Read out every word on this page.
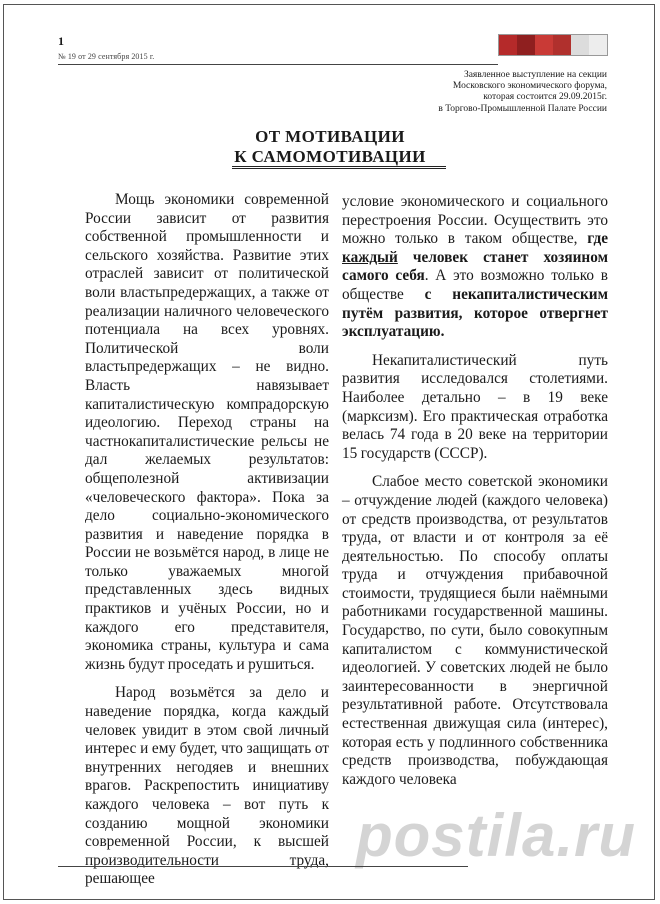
1
№ 19 от 29 сентября 2015 г.
Заявленное выступление на секции
Московского экономического форума,
которая состоится 29.09.2015г.
в Торгово-Промышленной Палате России
ОТ МОТИВАЦИИ
К САМОМОТИВАЦИИ

Мощь экономики современной России зависит от развития собственной промышленности и сельского хозяйства. Развитие этих отраслей зависит от политической воли властьпредержащих, а также от реализации наличного человеческого потенциала на всех уровнях. Политической воли властьпредержащих – не видно. Власть навязывает капиталистическую компрадорскую идеологию. Переход страны на частнокапиталистические рельсы не дал желаемых результатов: общеполезной активизации «человеческого фактора». Пока за дело социально-экономического развития и наведение порядка в России не возьмётся народ, в лице не только уважаемых многой представленных здесь видных практиков и учёных России, но и каждого его представителя, экономика страны, культура и сама жизнь будут проседать и рушиться.

Народ возьмётся за дело и наведение порядка, когда каждый человек увидит в этом свой личный интерес и ему будет, что защищать от внутренних негодяев и внешних врагов. Раскрепостить инициативу каждого человека – вот путь к созданию мощной экономики современной России, к высшей производительности труда, решающее

условие экономического и социального перестроения России. Осуществить это можно только в таком обществе, где каждый человек станет хозяином самого себя. А это возможно только в обществе с некапиталистическим путём развития, которое отвергнет эксплуатацию.

Некапиталистический путь развития исследовался столетиями. Наиболее детально – в 19 веке (марксизм). Его практическая отработка велась 74 года в 20 веке на территории 15 государств (СССР).

Слабое место советской экономики – отчуждение людей (каждого человека) от средств производства, от результатов труда, от власти и от контроля за её деятельностью. По способу оплаты труда и отчуждения прибавочной стоимости, трудящиеся были наёмными работниками государственной машины. Государство, по сути, было совокупным капиталистом с коммунистической идеологией. У советских людей не было заинтересованности в энергичной результативной работе. Отсутствовала естественная движущая сила (интерес), которая есть у подлинного собственника средств производства, побуждающая каждого человека

postila.ru
